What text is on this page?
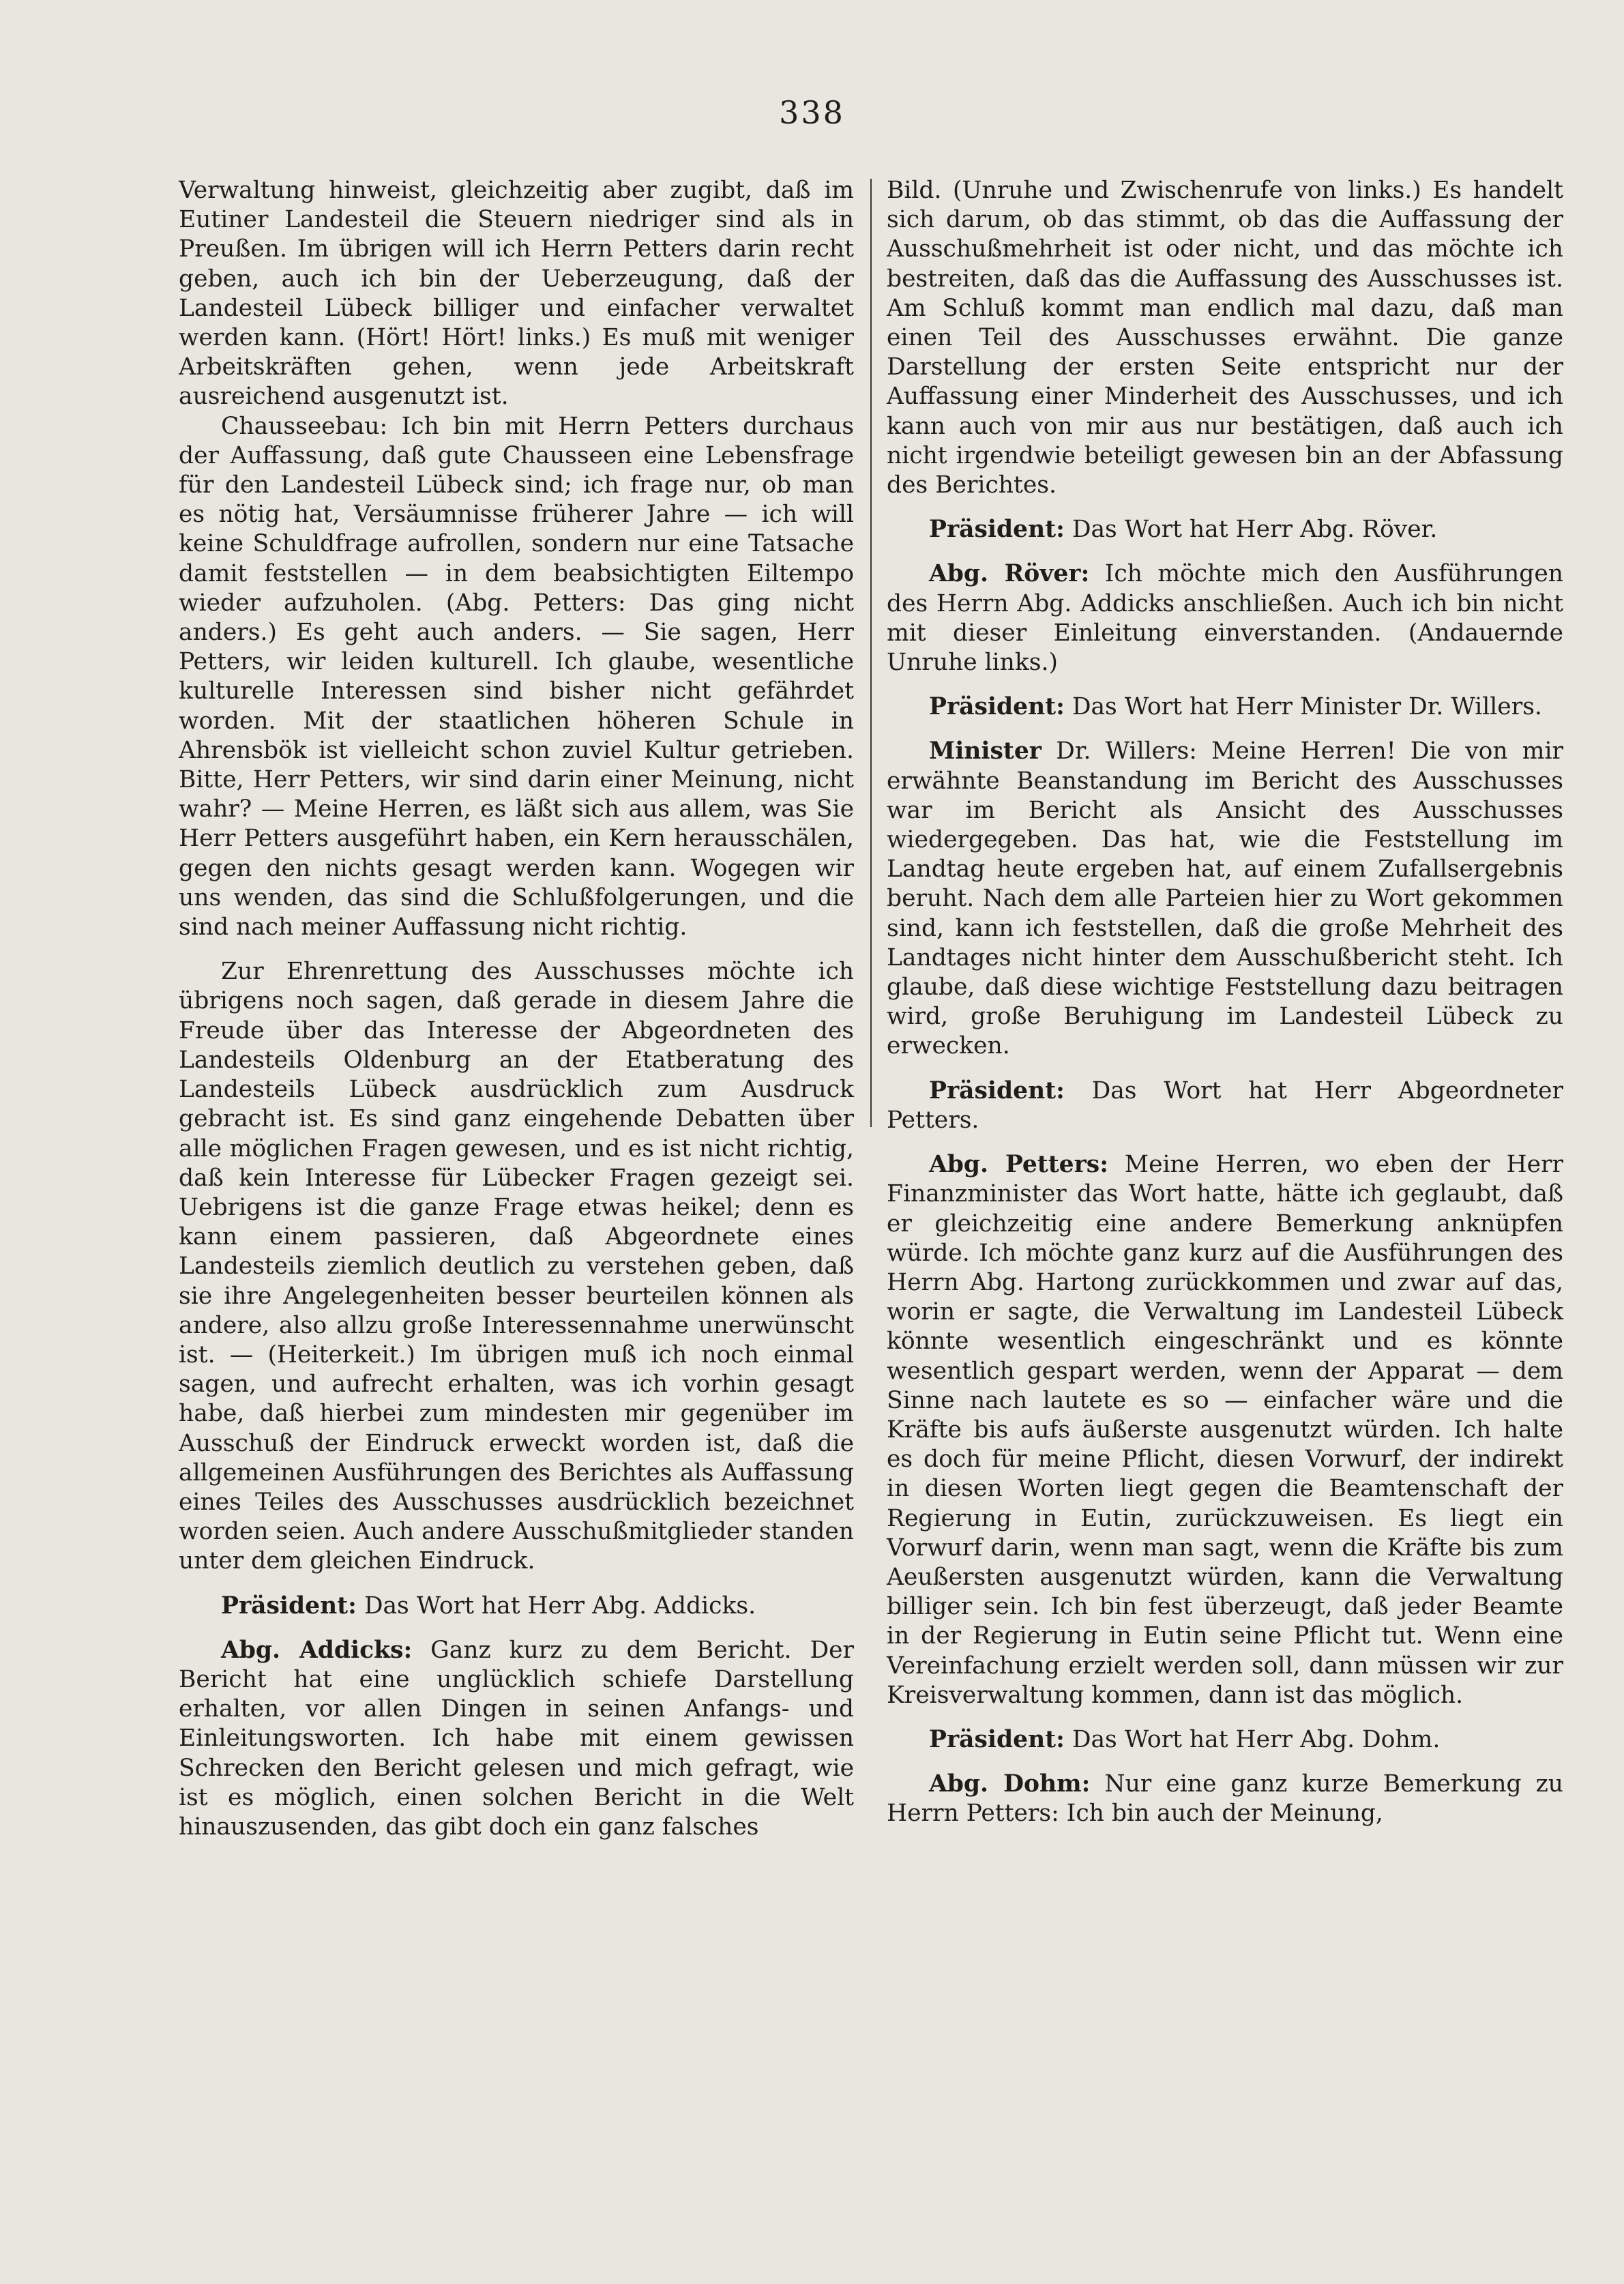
338

Verwaltung hinweist, gleichzeitig aber zugibt, daß im Eutiner Landesteil die Steuern niedriger sind als in Preußen. Im übrigen will ich Herrn Petters darin recht geben, auch ich bin der Ueberzeugung, daß der Landesteil Lübeck billiger und einfacher verwaltet werden kann. (Hört! Hört! links.) Es muß mit weniger Arbeitskräften gehen, wenn jede Arbeitskraft ausreichend ausgenutzt ist.

Chausseebau: Ich bin mit Herrn Petters durchaus der Auffassung, daß gute Chausseen eine Lebensfrage für den Landesteil Lübeck sind; ich frage nur, ob man es nötig hat, Versäumnisse früherer Jahre — ich will keine Schuldfrage aufrollen, sondern nur eine Tatsache damit feststellen — in dem beabsichtigten Eiltempo wieder aufzuholen. (Abg. Petters: Das ging nicht anders.) Es geht auch anders. — Sie sagen, Herr Petters, wir leiden kulturell. Ich glaube, wesentliche kulturelle Interessen sind bisher nicht gefährdet worden. Mit der staatlichen höheren Schule in Ahrensbök ist vielleicht schon zuviel Kultur getrieben. Bitte, Herr Petters, wir sind darin einer Meinung, nicht wahr? — Meine Herren, es läßt sich aus allem, was Sie Herr Petters ausgeführt haben, ein Kern herausschälen, gegen den nichts gesagt werden kann. Wogegen wir uns wenden, das sind die Schlußfolgerungen, und die sind nach meiner Auffassung nicht richtig.

Zur Ehrenrettung des Ausschusses möchte ich übrigens noch sagen, daß gerade in diesem Jahre die Freude über das Interesse der Abgeordneten des Landesteils Oldenburg an der Etatberatung des Landesteils Lübeck ausdrücklich zum Ausdruck gebracht ist. Es sind ganz eingehende Debatten über alle möglichen Fragen gewesen, und es ist nicht richtig, daß kein Interesse für Lübecker Fragen gezeigt sei. Uebrigens ist die ganze Frage etwas heikel; denn es kann einem passieren, daß Abgeordnete eines Landesteils ziemlich deutlich zu verstehen geben, daß sie ihre Angelegenheiten besser beurteilen können als andere, also allzu große Interessennahme unerwünscht ist. — (Heiterkeit.) Im übrigen muß ich noch einmal sagen, und aufrecht erhalten, was ich vorhin gesagt habe, daß hierbei zum mindesten mir gegenüber im Ausschuß der Eindruck erweckt worden ist, daß die allgemeinen Ausführungen des Berichtes als Auffassung eines Teiles des Ausschusses ausdrücklich bezeichnet worden seien. Auch andere Ausschußmitglieder standen unter dem gleichen Eindruck.

Präsident: Das Wort hat Herr Abg. Addicks.

Abg. Addicks: Ganz kurz zu dem Bericht. Der Bericht hat eine unglücklich schiefe Darstellung erhalten, vor allen Dingen in seinen Anfangs- und Einleitungsworten. Ich habe mit einem gewissen Schrecken den Bericht gelesen und mich gefragt, wie ist es möglich, einen solchen Bericht in die Welt hinauszusenden, das gibt doch ein ganz falsches

Bild. (Unruhe und Zwischenrufe von links.) Es handelt sich darum, ob das stimmt, ob das die Auffassung der Ausschußmehrheit ist oder nicht, und das möchte ich bestreiten, daß das die Auffassung des Ausschusses ist. Am Schluß kommt man endlich mal dazu, daß man einen Teil des Ausschusses erwähnt. Die ganze Darstellung der ersten Seite entspricht nur der Auffassung einer Minderheit des Ausschusses, und ich kann auch von mir aus nur bestätigen, daß auch ich nicht irgendwie beteiligt gewesen bin an der Abfassung des Berichtes.

Präsident: Das Wort hat Herr Abg. Röver.

Abg. Röver: Ich möchte mich den Ausführungen des Herrn Abg. Addicks anschließen. Auch ich bin nicht mit dieser Einleitung einverstanden. (Andauernde Unruhe links.)

Präsident: Das Wort hat Herr Minister Dr. Willers.

Minister Dr. Willers: Meine Herren! Die von mir erwähnte Beanstandung im Bericht des Ausschusses war im Bericht als Ansicht des Ausschusses wiedergegeben. Das hat, wie die Feststellung im Landtag heute ergeben hat, auf einem Zufallsergebnis beruht. Nach dem alle Parteien hier zu Wort gekommen sind, kann ich feststellen, daß die große Mehrheit des Landtages nicht hinter dem Ausschußbericht steht. Ich glaube, daß diese wichtige Feststellung dazu beitragen wird, große Beruhigung im Landesteil Lübeck zu erwecken.

Präsident: Das Wort hat Herr Abgeordneter Petters.

Abg. Petters: Meine Herren, wo eben der Herr Finanzminister das Wort hatte, hätte ich geglaubt, daß er gleichzeitig eine andere Bemerkung anknüpfen würde. Ich möchte ganz kurz auf die Ausführungen des Herrn Abg. Hartong zurückkommen und zwar auf das, worin er sagte, die Verwaltung im Landesteil Lübeck könnte wesentlich eingeschränkt und es könnte wesentlich gespart werden, wenn der Apparat — dem Sinne nach lautete es so — einfacher wäre und die Kräfte bis aufs äußerste ausgenutzt würden. Ich halte es doch für meine Pflicht, diesen Vorwurf, der indirekt in diesen Worten liegt gegen die Beamtenschaft der Regierung in Eutin, zurückzuweisen. Es liegt ein Vorwurf darin, wenn man sagt, wenn die Kräfte bis zum Aeußersten ausgenutzt würden, kann die Verwaltung billiger sein. Ich bin fest überzeugt, daß jeder Beamte in der Regierung in Eutin seine Pflicht tut. Wenn eine Vereinfachung erzielt werden soll, dann müssen wir zur Kreisverwaltung kommen, dann ist das möglich.

Präsident: Das Wort hat Herr Abg. Dohm.

Abg. Dohm: Nur eine ganz kurze Bemerkung zu Herrn Petters: Ich bin auch der Meinung,
